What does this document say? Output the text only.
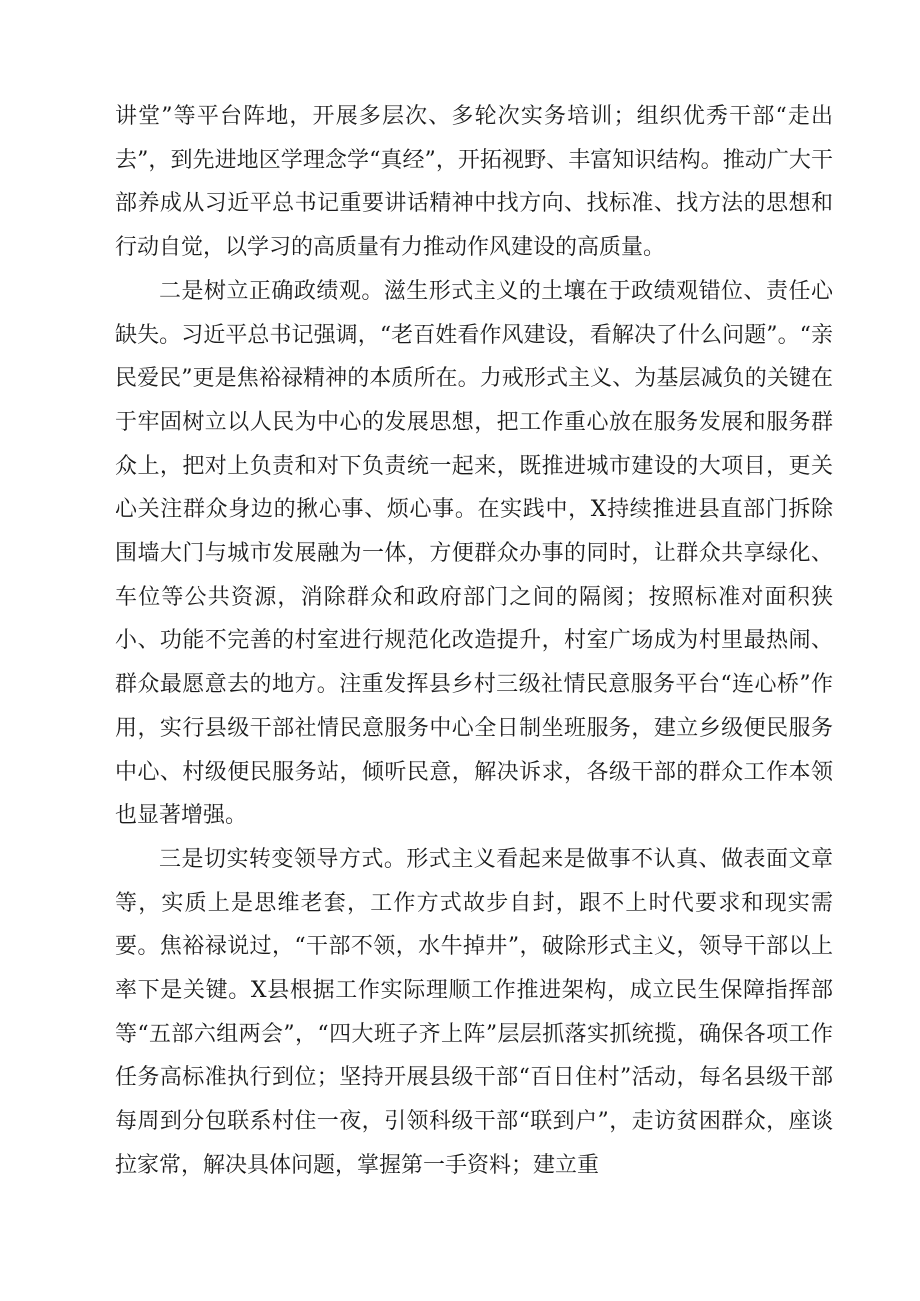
讲堂”等平台阵地，开展多层次、多轮次实务培训；组织优秀干部“走出去”，到先进地区学理念学“真经”，开拓视野、丰富知识结构。推动广大干部养成从习近平总书记重要讲话精神中找方向、找标准、找方法的思想和行动自觉，以学习的高质量有力推动作风建设的高质量。

二是树立正确政绩观。滋生形式主义的土壤在于政绩观错位、责任心缺失。习近平总书记强调，“老百姓看作风建设，看解决了什么问题”。“亲民爱民”更是焦裕禄精神的本质所在。力戒形式主义、为基层减负的关键在于牢固树立以人民为中心的发展思想，把工作重心放在服务发展和服务群众上，把对上负责和对下负责统一起来，既推进城市建设的大项目，更关心关注群众身边的揪心事、烦心事。在实践中，X持续推进县直部门拆除围墙大门与城市发展融为一体，方便群众办事的同时，让群众共享绿化、车位等公共资源，消除群众和政府部门之间的隔阂；按照标准对面积狭小、功能不完善的村室进行规范化改造提升，村室广场成为村里最热闹、群众最愿意去的地方。注重发挥县乡村三级社情民意服务平台“连心桥”作用，实行县级干部社情民意服务中心全日制坐班服务，建立乡级便民服务中心、村级便民服务站，倾听民意，解决诉求，各级干部的群众工作本领也显著增强。

三是切实转变领导方式。形式主义看起来是做事不认真、做表面文章等，实质上是思维老套，工作方式故步自封，跟不上时代要求和现实需要。焦裕禄说过，“干部不领，水牛掉井”，破除形式主义，领导干部以上率下是关键。X县根据工作实际理顺工作推进架构，成立民生保障指挥部等“五部六组两会”，“四大班子齐上阵”层层抓落实抓统揽，确保各项工作任务高标准执行到位；坚持开展县级干部“百日住村”活动，每名县级干部每周到分包联系村住一夜，引领科级干部“联到户”，走访贫困群众，座谈拉家常，解决具体问题，掌握第一手资料；建立重
